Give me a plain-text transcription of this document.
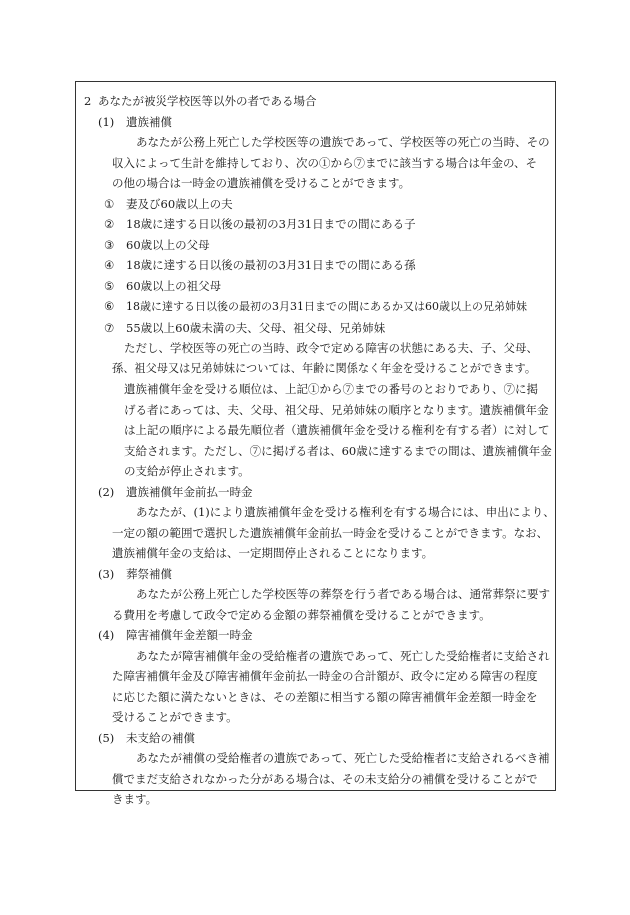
2 あなたが被災学校医等以外の者である場合
(1) 遺族補償
あなたが公務上死亡した学校医等の遺族であって、学校医等の死亡の当時、その
収入によって生計を維持しており、次の①から⑦までに該当する場合は年金の、そ
の他の場合は一時金の遺族補償を受けることができます。
① 妻及び60歳以上の夫
② 18歳に達する日以後の最初の3月31日までの間にある子
③ 60歳以上の父母
④ 18歳に達する日以後の最初の3月31日までの間にある孫
⑤ 60歳以上の祖父母
⑥ 18歳に達する日以後の最初の3月31日までの間にあるか又は60歳以上の兄弟姉妹
⑦ 55歳以上60歳未満の夫、父母、祖父母、兄弟姉妹
ただし、学校医等の死亡の当時、政令で定める障害の状態にある夫、子、父母、
孫、祖父母又は兄弟姉妹については、年齢に関係なく年金を受けることができます。
遺族補償年金を受ける順位は、上記①から⑦までの番号のとおりであり、⑦に掲
げる者にあっては、夫、父母、祖父母、兄弟姉妹の順序となります。遺族補償年金
は上記の順序による最先順位者（遺族補償年金を受ける権利を有する者）に対して
支給されます。ただし、⑦に掲げる者は、60歳に達するまでの間は、遺族補償年金
の支給が停止されます。
(2) 遺族補償年金前払一時金
あなたが、(1)により遺族補償年金を受ける権利を有する場合には、申出により、
一定の額の範囲で選択した遺族補償年金前払一時金を受けることができます。なお、
遺族補償年金の支給は、一定期間停止されることになります。
(3) 葬祭補償
あなたが公務上死亡した学校医等の葬祭を行う者である場合は、通常葬祭に要す
る費用を考慮して政令で定める金額の葬祭補償を受けることができます。
(4) 障害補償年金差額一時金
あなたが障害補償年金の受給権者の遺族であって、死亡した受給権者に支給され
た障害補償年金及び障害補償年金前払一時金の合計額が、政令に定める障害の程度
に応じた額に満たないときは、その差額に相当する額の障害補償年金差額一時金を
受けることができます。
(5) 未支給の補償
あなたが補償の受給権者の遺族であって、死亡した受給権者に支給されるべき補
償でまだ支給されなかった分がある場合は、その未支給分の補償を受けることがで
きます。
